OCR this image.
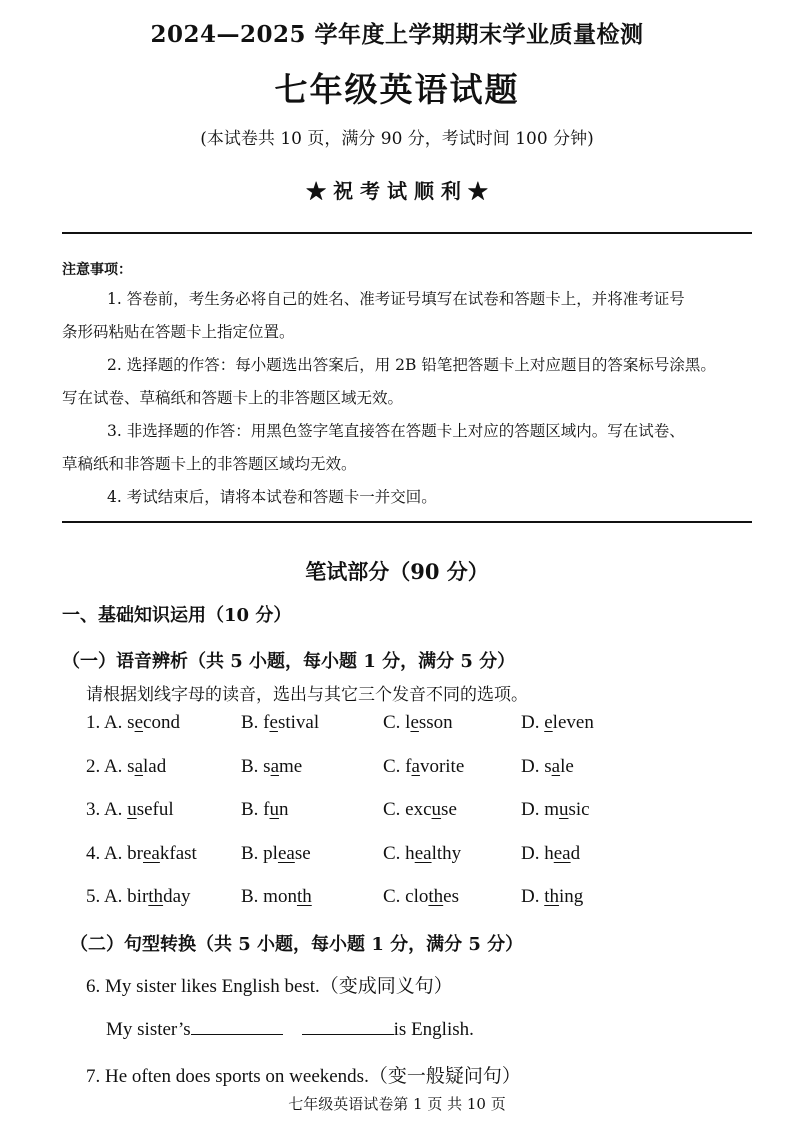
2024—2025 学年度上学期期末学业质量检测
七年级英语试题
(本试卷共 10 页，满分 90 分，考试时间 100 分钟)
★ 祝 考 试 顺 利 ★
注意事项：
1. 答卷前，考生务必将自己的姓名、准考证号填写在试卷和答题卡上，并将准考证号
条形码粘贴在答题卡上指定位置。
2. 选择题的作答：每小题选出答案后，用 2B 铅笔把答题卡上对应题目的答案标号涂黑。
写在试卷、草稿纸和答题卡上的非答题区域无效。
3. 非选择题的作答：用黑色签字笔直接答在答题卡上对应的答题区域内。写在试卷、
草稿纸和非答题卡上的非答题区域均无效。
4. 考试结束后，请将本试卷和答题卡一并交回。
笔试部分（90 分）
一、基础知识运用（10 分）
（一）语音辨析（共 5 小题，每小题 1 分，满分 5 分）
请根据划线字母的读音，选出与其它三个发音不同的选项。
1. A. second	B. festival	C. lesson	D. eleven
2. A. salad	B. same	C. favorite	D. sale
3. A. useful	B. fun	C. excuse	D. music
4. A. breakfast B. please	C. healthy	D. head
5. A. birthday	B. month	C. clothes	D. thing
（二）句型转换（共 5 小题，每小题 1 分，满分 5 分）
6. My sister likes English best.（变成同义句）
My sister’s	is English.
7. He often does sports on weekends.（变一般疑问句）
七年级英语试卷第 1 页 共 10 页
